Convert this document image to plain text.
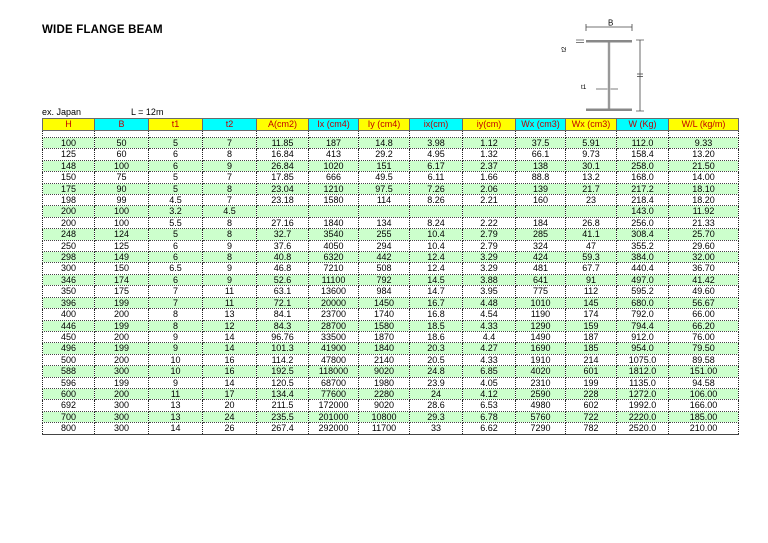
WIDE FLANGE BEAM
B
t2
t1
ex. Japan	L = 12m
H	B	t1	t2	A(cm2)	Ix (cm4)	Iy (cm4)	ix(cm)	iy(cm)	Wx (cm3)	Wx (cm3)	W (Kg)	W/L (kg/m)

100	50	5	7	11.85	187	14.8	3.98	1.12	37.5	5.91	112.0	9.33
125	60	6	8	16.84	413	29.2	4.95	1.32	66.1	9.73	158.4	13.20
148	100	6	9	26.84	1020	151	6.17	2.37	138	30.1	258.0	21.50
150	75	5	7	17.85	666	49.5	6.11	1.66	88.8	13.2	168.0	14.00
175	90	5	8	23.04	1210	97.5	7.26	2.06	139	21.7	217.2	18.10
198	99	4.5	7	23.18	1580	114	8.26	2.21	160	23	218.4	18.20
200	100	3.2	4.5								143.0	11.92
200	100	5.5	8	27.16	1840	134	8.24	2.22	184	26.8	256.0	21.33
248	124	5	8	32.7	3540	255	10.4	2.79	285	41.1	308.4	25.70
250	125	6	9	37.6	4050	294	10.4	2.79	324	47	355.2	29.60
298	149	6	8	40.8	6320	442	12.4	3.29	424	59.3	384.0	32.00
300	150	6.5	9	46.8	7210	508	12.4	3.29	481	67.7	440.4	36.70
346	174	6	9	52.6	11100	792	14.5	3.88	641	91	497.0	41.42
350	175	7	11	63.1	13600	984	14.7	3.95	775	112	595.2	49.60
396	199	7	11	72.1	20000	1450	16.7	4.48	1010	145	680.0	56.67
400	200	8	13	84.1	23700	1740	16.8	4.54	1190	174	792.0	66.00
446	199	8	12	84.3	28700	1580	18.5	4.33	1290	159	794.4	66.20
450	200	9	14	96.76	33500	1870	18.6	4.4	1490	187	912.0	76.00
496	199	9	14	101.3	41900	1840	20.3	4.27	1690	185	954.0	79.50
500	200	10	16	114.2	47800	2140	20.5	4.33	1910	214	1075.0	89.58
588	300	10	16	192.5	118000	9020	24.8	6.85	4020	601	1812.0	151.00
596	199	9	14	120.5	68700	1980	23.9	4.05	2310	199	1135.0	94.58
600	200	11	17	134.4	77600	2280	24	4.12	2590	228	1272.0	106.00
692	300	13	20	211.5	172000	9020	28.6	6.53	4980	602	1992.0	166.00
700	300	13	24	235.5	201000	10800	29.3	6.78	5760	722	2220.0	185.00
800	300	14	26	267.4	292000	11700	33	6.62	7290	782	2520.0	210.00
